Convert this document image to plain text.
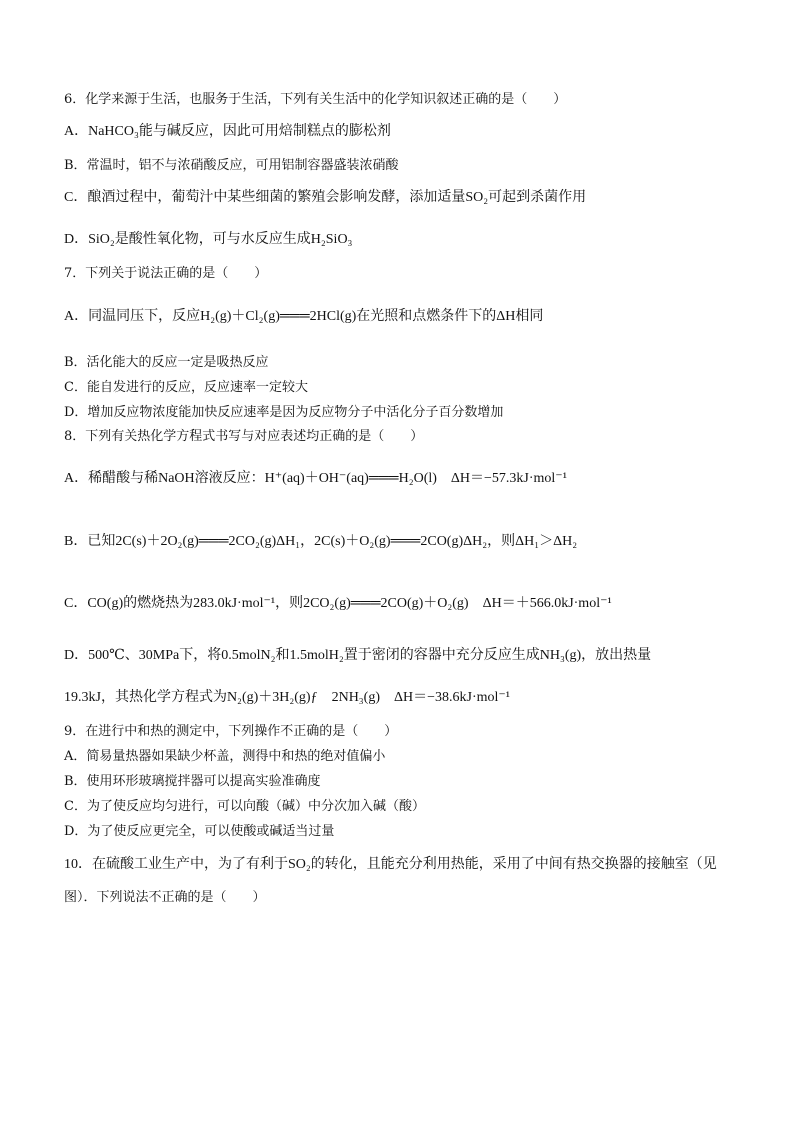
6．化学来源于生活，也服务于生活，下列有关生活中的化学知识叙述正确的是（　　）
A．NaHCO₃能与碱反应，因此可用焙制糕点的膨松剂
B．常温时，铝不与浓硝酸反应，可用铝制容器盛装浓硝酸
C．酿酒过程中，葡萄汁中某些细菌的繁殖会影响发酵，添加适量SO₂可起到杀菌作用
D．SiO₂是酸性氧化物，可与水反应生成H₂SiO₃
7．下列关于说法正确的是（　　）
A．同温同压下，反应H₂(g)＋Cl₂(g)═══2HCl(g)在光照和点燃条件下的ΔH相同
B．活化能大的反应一定是吸热反应
C．能自发进行的反应，反应速率一定较大
D．增加反应物浓度能加快反应速率是因为反应物分子中活化分子百分数增加
8．下列有关热化学方程式书写与对应表述均正确的是（　　）
A．稀醋酸与稀NaOH溶液反应：H⁺(aq)＋OH⁻(aq)═══H₂O(l)　ΔH＝−57.3kJ·mol⁻¹
B．已知2C(s)＋2O₂(g)═══2CO₂(g)ΔH₁，2C(s)＋O₂(g)═══2CO(g)ΔH₂，则ΔH₁＞ΔH₂
C．CO(g)的燃烧热为283.0kJ·mol⁻¹，则2CO₂(g)═══2CO(g)＋O₂(g)　ΔH＝＋566.0kJ·mol⁻¹
D．500℃、30MPa下，将0.5molN₂和1.5molH₂置于密闭的容器中充分反应生成NH₃(g)，放出热量
19.3kJ，其热化学方程式为N₂(g)＋3H₂(g)ƒ　2NH₃(g)　ΔH＝−38.6kJ·mol⁻¹
9．在进行中和热的测定中，下列操作不正确的是（　　）
A．简易量热器如果缺少杯盖，测得中和热的绝对值偏小
B．使用环形玻璃搅拌器可以提高实验准确度
C．为了使反应均匀进行，可以向酸（碱）中分次加入碱（酸）
D．为了使反应更完全，可以使酸或碱适当过量
10．在硫酸工业生产中，为了有利于SO₂的转化，且能充分利用热能，采用了中间有热交换器的接触室（见
图）．下列说法不正确的是（　　）
